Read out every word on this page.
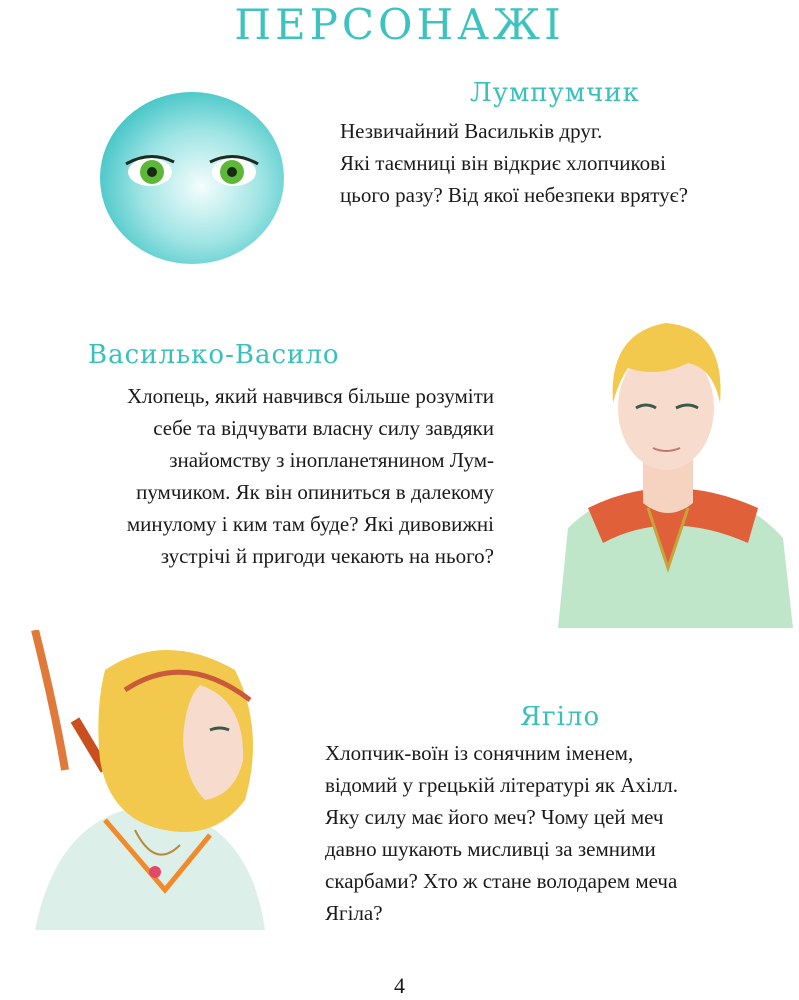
ПЕРСОНАЖІ
Лумпумчик
Незвичайний Васильків друг.
Які таємниці він відкриє хлопчикові
цього разу? Від якої небезпеки врятує?
Василько-Василo
Хлопець, який навчився більше розуміти
себе та відчувати власну силу завдяки
знайомству з інопланетянином Лум-
пумчиком. Як він опиниться в далекому
минулому і ким там буде? Які дивовижні
зустрічі й пригоди чекають на нього?
Ягіло
Хлопчик-воїн із сонячним іменем,
відомий у грецькій літературі як Ахілл.
Яку силу має його меч? Чому цей меч
давно шукають мисливці за земними
скарбами? Хто ж стане володарем меча
Ягіла?
4
